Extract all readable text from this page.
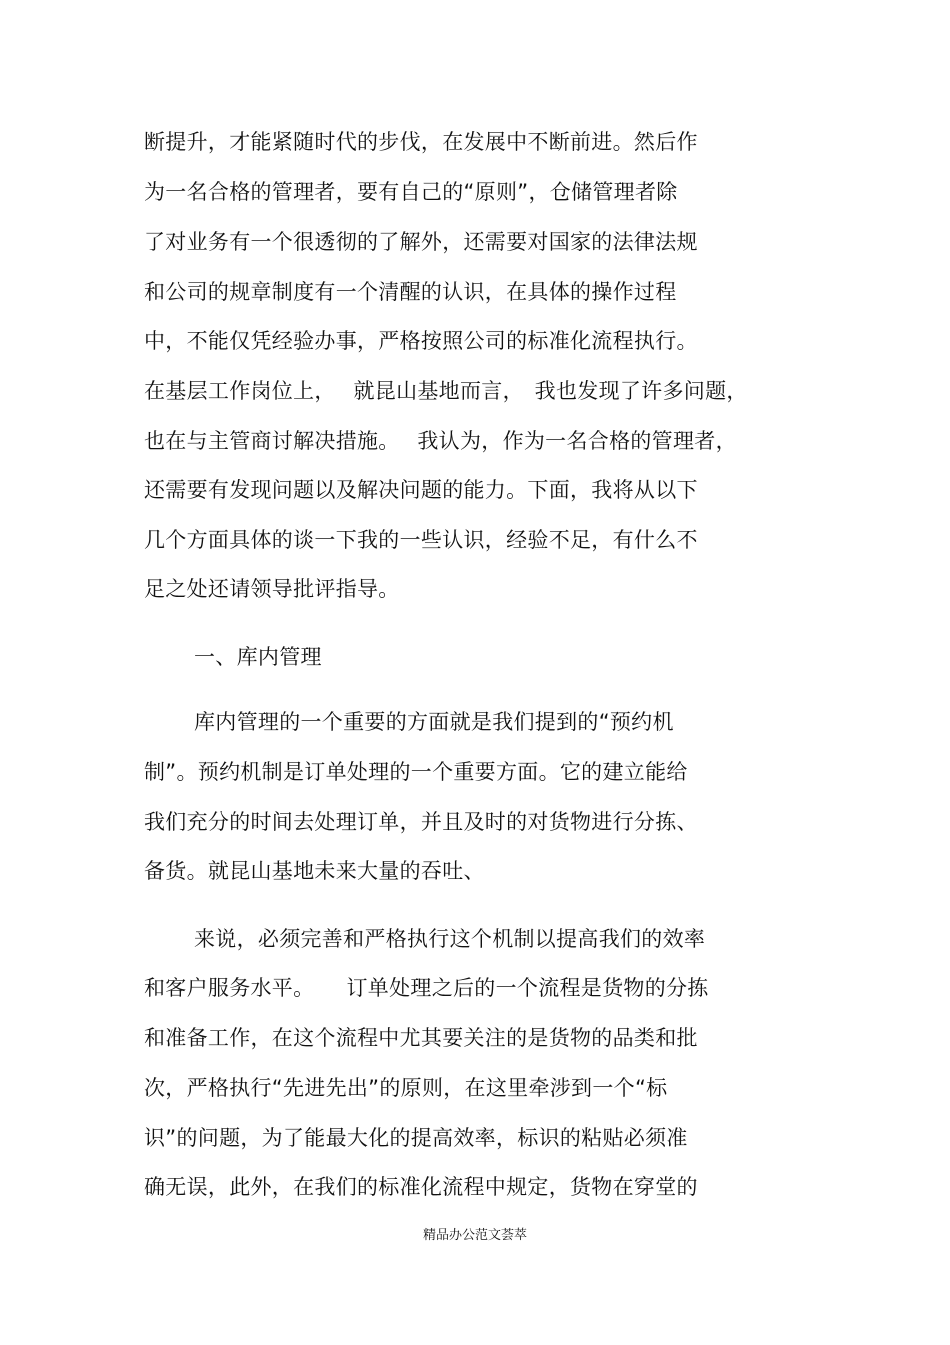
断提升，才能紧随时代的步伐，在发展中不断前进。然后作
为一名合格的管理者，要有自己的“原则”，仓储管理者除
了对业务有一个很透彻的了解外，还需要对国家的法律法规
和公司的规章制度有一个清醒的认识，在具体的操作过程
中，不能仅凭经验办事，严格按照公司的标准化流程执行。
在基层工作岗位上，　 就昆山基地而言，　我也发现了许多问题，
也在与主管商讨解决措施。　 我认为，作为一名合格的管理者，
还需要有发现问题以及解决问题的能力。下面，我将从以下
几个方面具体的谈一下我的一些认识，经验不足，有什么不
足之处还请领导批评指导。
一、库内管理
库内管理的一个重要的方面就是我们提到的“预约机
制”。预约机制是订单处理的一个重要方面。它的建立能给
我们充分的时间去处理订单，并且及时的对货物进行分拣、
备货。就昆山基地未来大量的吞吐、
来说，必须完善和严格执行这个机制以提高我们的效率
和客户服务水平。　　订单处理之后的一个流程是货物的分拣
和准备工作，在这个流程中尤其要关注的是货物的品类和批
次，严格执行“先进先出”的原则，在这里牵涉到一个“标
识”的问题，为了能最大化的提高效率，标识的粘贴必须准
确无误，此外，在我们的标准化流程中规定，货物在穿堂的
精品办公范文荟萃
